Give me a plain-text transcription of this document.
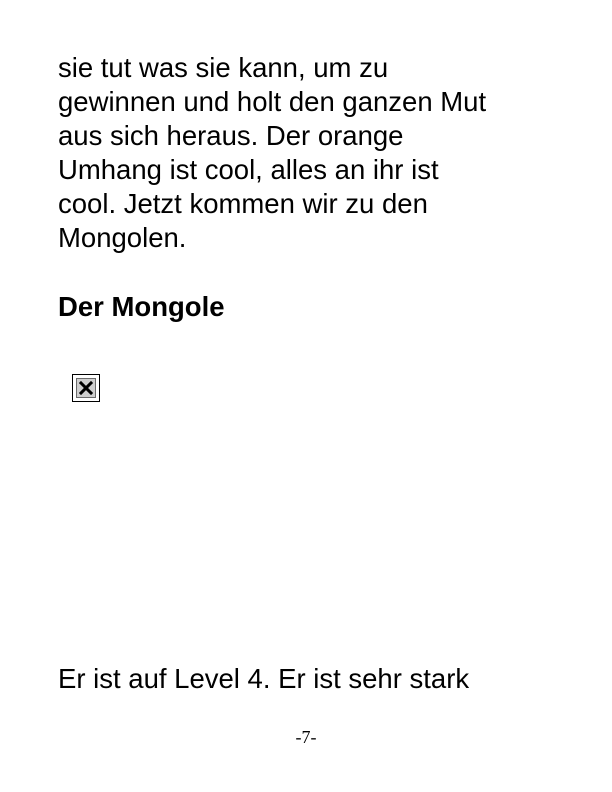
sie tut was sie kann, um zu
gewinnen und holt den ganzen Mut
aus sich heraus. Der orange
Umhang ist cool, alles an ihr ist
cool. Jetzt kommen wir zu den
Mongolen.

Der Mongole

Er ist auf Level 4. Er ist sehr stark

-7-
